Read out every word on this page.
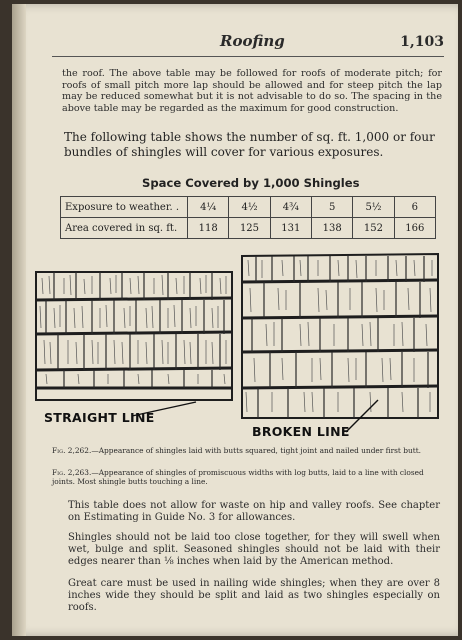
Roofing	1,103
the roof. The above table may be followed for roofs of moderate pitch; for roofs of small pitch more lap should be allowed and for steep pitch the lap may be reduced somewhat but it is not advisable to do so. The spacing in the above table may be regarded as the maximum for good construction.
The following table shows the number of sq. ft. 1,000 or four bundles of shingles will cover for various exposures.
Space Covered by 1,000 Shingles
Exposure to weather. .	4¼	4½	4¾	5	5½	6
Area covered in sq. ft.	118	125	131	138	152	166
STRAIGHT LINE
BROKEN LINE
Fig. 2,262.—Appearance of shingles laid with butts squared, tight joint and nailed under first butt.
Fig. 2,263.—Appearance of shingles of promiscuous widths with log butts, laid to a line with closed joints. Most shingle butts touching a line.
This table does not allow for waste on hip and valley roofs. See chapter on Estimating in Guide No. 3 for allowances.
Shingles should not be laid too close together, for they will swell when wet, bulge and split. Seasoned shingles should not be laid with their edges nearer than ⅛ inches when laid by the American method.
Great care must be used in nailing wide shingles; when they are over 8 inches wide they should be split and laid as two shingles especially on roofs.
